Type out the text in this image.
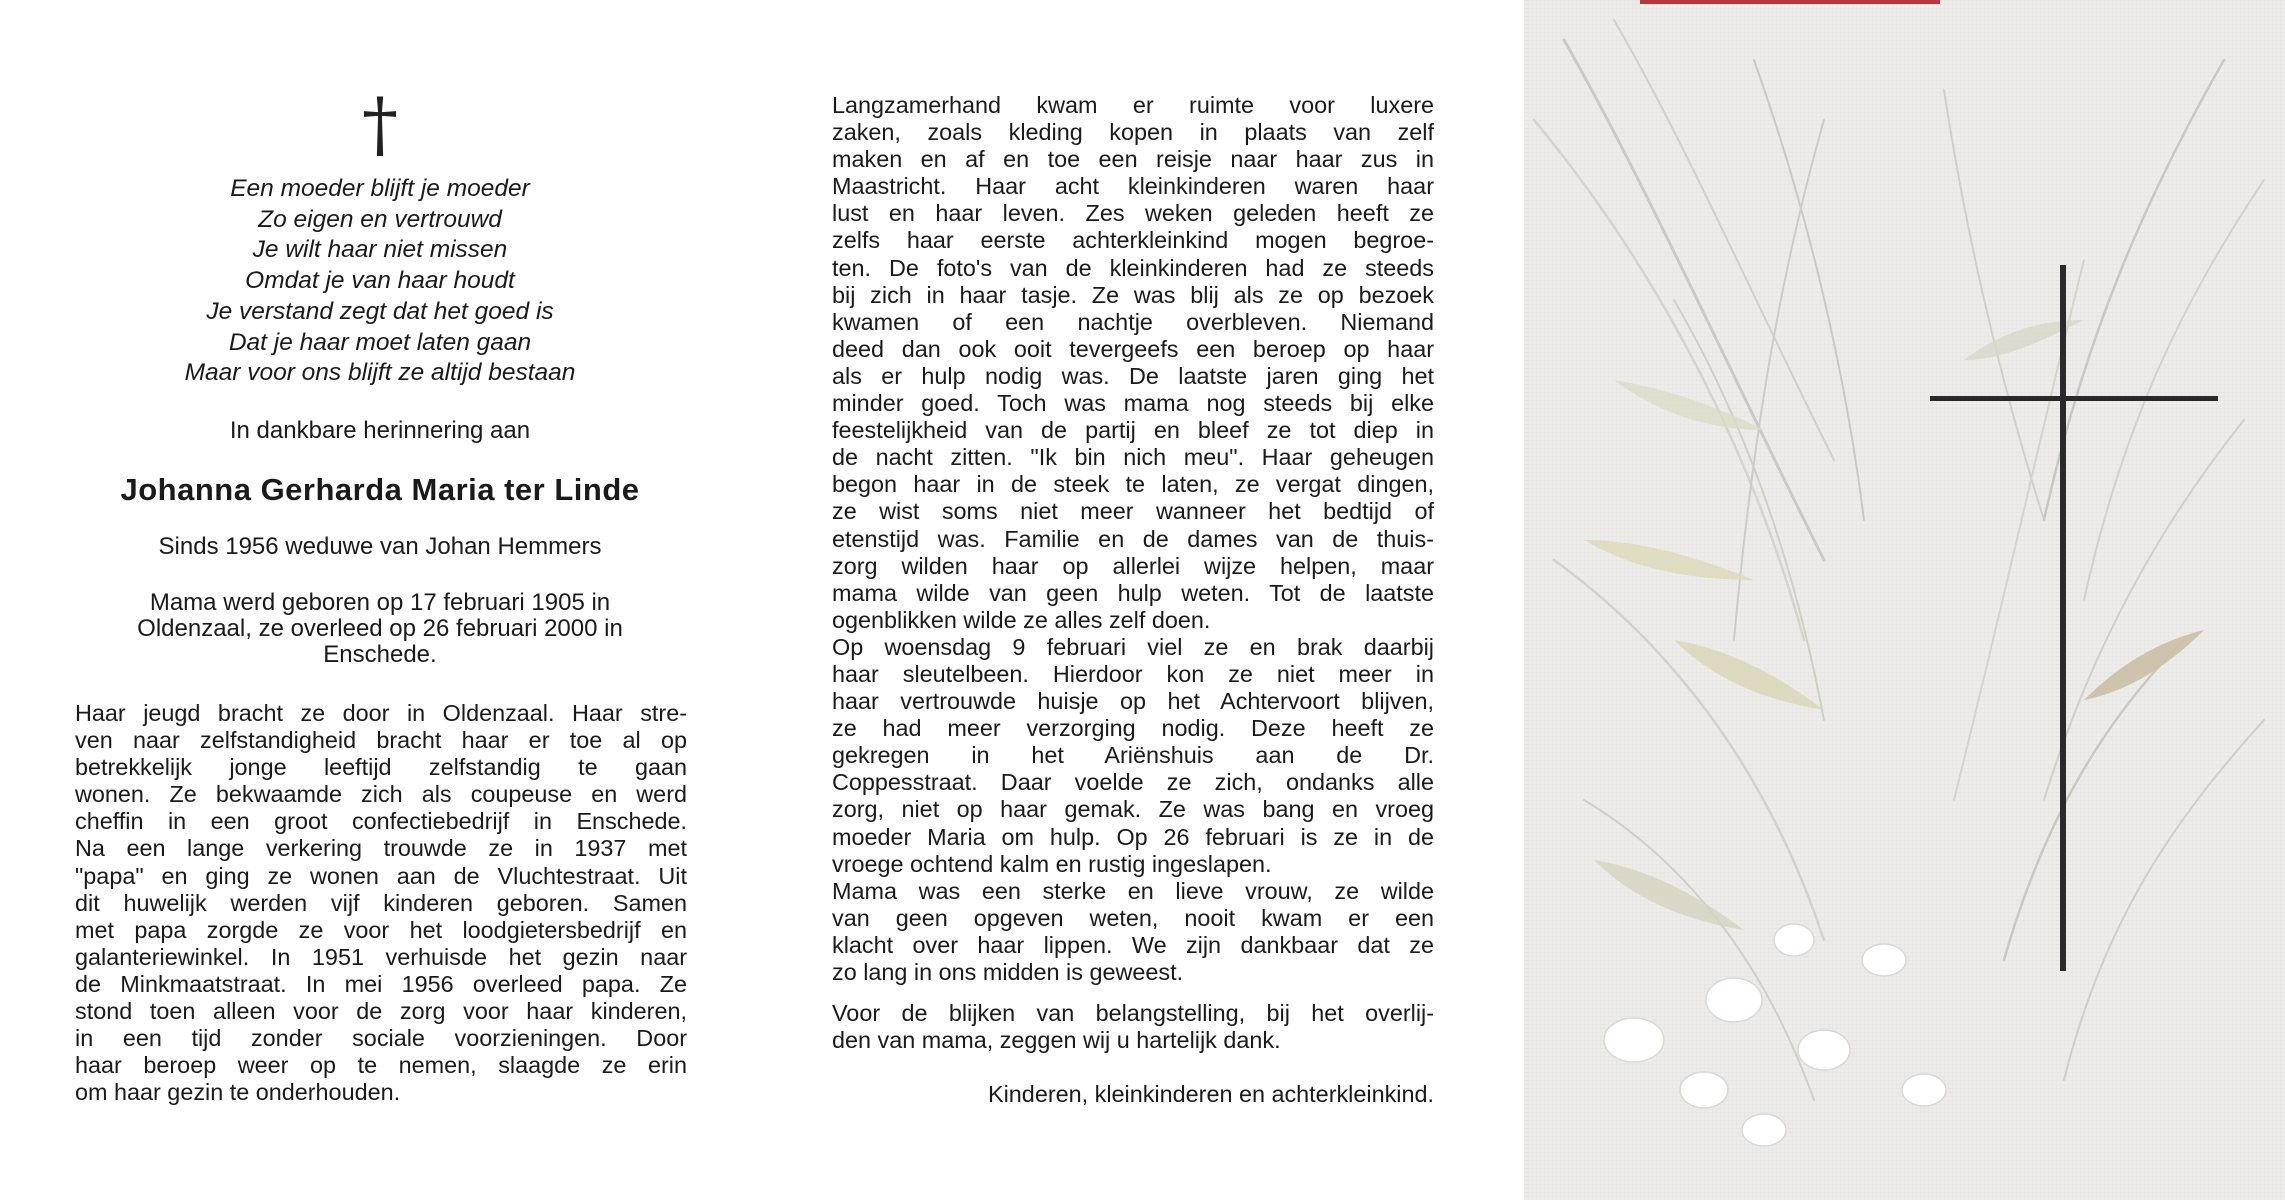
†
Een moeder blijft je moeder
Zo eigen en vertrouwd
Je wilt haar niet missen
Omdat je van haar houdt
Je verstand zegt dat het goed is
Dat je haar moet laten gaan
Maar voor ons blijft ze altijd bestaan
In dankbare herinnering aan
Johanna Gerharda Maria ter Linde
Sinds 1956 weduwe van Johan Hemmers
Mama werd geboren op 17 februari 1905 in
Oldenzaal, ze overleed op 26 februari 2000 in
Enschede.
Haar jeugd bracht ze door in Oldenzaal. Haar stre-
ven naar zelfstandigheid bracht haar er toe al op
betrekkelijk jonge leeftijd zelfstandig te gaan
wonen. Ze bekwaamde zich als coupeuse en werd
cheffin in een groot confectiebedrijf in Enschede.
Na een lange verkering trouwde ze in 1937 met
"papa" en ging ze wonen aan de Vluchtestraat. Uit
dit huwelijk werden vijf kinderen geboren. Samen
met papa zorgde ze voor het loodgietersbedrijf en
galanteriewinkel. In 1951 verhuisde het gezin naar
de Minkmaatstraat. In mei 1956 overleed papa. Ze
stond toen alleen voor de zorg voor haar kinderen,
in een tijd zonder sociale voorzieningen. Door
haar beroep weer op te nemen, slaagde ze erin
om haar gezin te onderhouden.
Langzamerhand kwam er ruimte voor luxere
zaken, zoals kleding kopen in plaats van zelf
maken en af en toe een reisje naar haar zus in
Maastricht. Haar acht kleinkinderen waren haar
lust en haar leven. Zes weken geleden heeft ze
zelfs haar eerste achterkleinkind mogen begroe-
ten. De foto's van de kleinkinderen had ze steeds
bij zich in haar tasje. Ze was blij als ze op bezoek
kwamen of een nachtje overbleven. Niemand
deed dan ook ooit tevergeefs een beroep op haar
als er hulp nodig was. De laatste jaren ging het
minder goed. Toch was mama nog steeds bij elke
feestelijkheid van de partij en bleef ze tot diep in
de nacht zitten. "Ik bin nich meu". Haar geheugen
begon haar in de steek te laten, ze vergat dingen,
ze wist soms niet meer wanneer het bedtijd of
etenstijd was. Familie en de dames van de thuis-
zorg wilden haar op allerlei wijze helpen, maar
mama wilde van geen hulp weten. Tot de laatste
ogenblikken wilde ze alles zelf doen.
Op woensdag 9 februari viel ze en brak daarbij
haar sleutelbeen. Hierdoor kon ze niet meer in
haar vertrouwde huisje op het Achtervoort blijven,
ze had meer verzorging nodig. Deze heeft ze
gekregen in het Ariënshuis aan de Dr.
Coppesstraat. Daar voelde ze zich, ondanks alle
zorg, niet op haar gemak. Ze was bang en vroeg
moeder Maria om hulp. Op 26 februari is ze in de
vroege ochtend kalm en rustig ingeslapen.
Mama was een sterke en lieve vrouw, ze wilde
van geen opgeven weten, nooit kwam er een
klacht over haar lippen. We zijn dankbaar dat ze
zo lang in ons midden is geweest.
Voor de blijken van belangstelling, bij het overlij-
den van mama, zeggen wij u hartelijk dank.
Kinderen, kleinkinderen en achterkleinkind.
